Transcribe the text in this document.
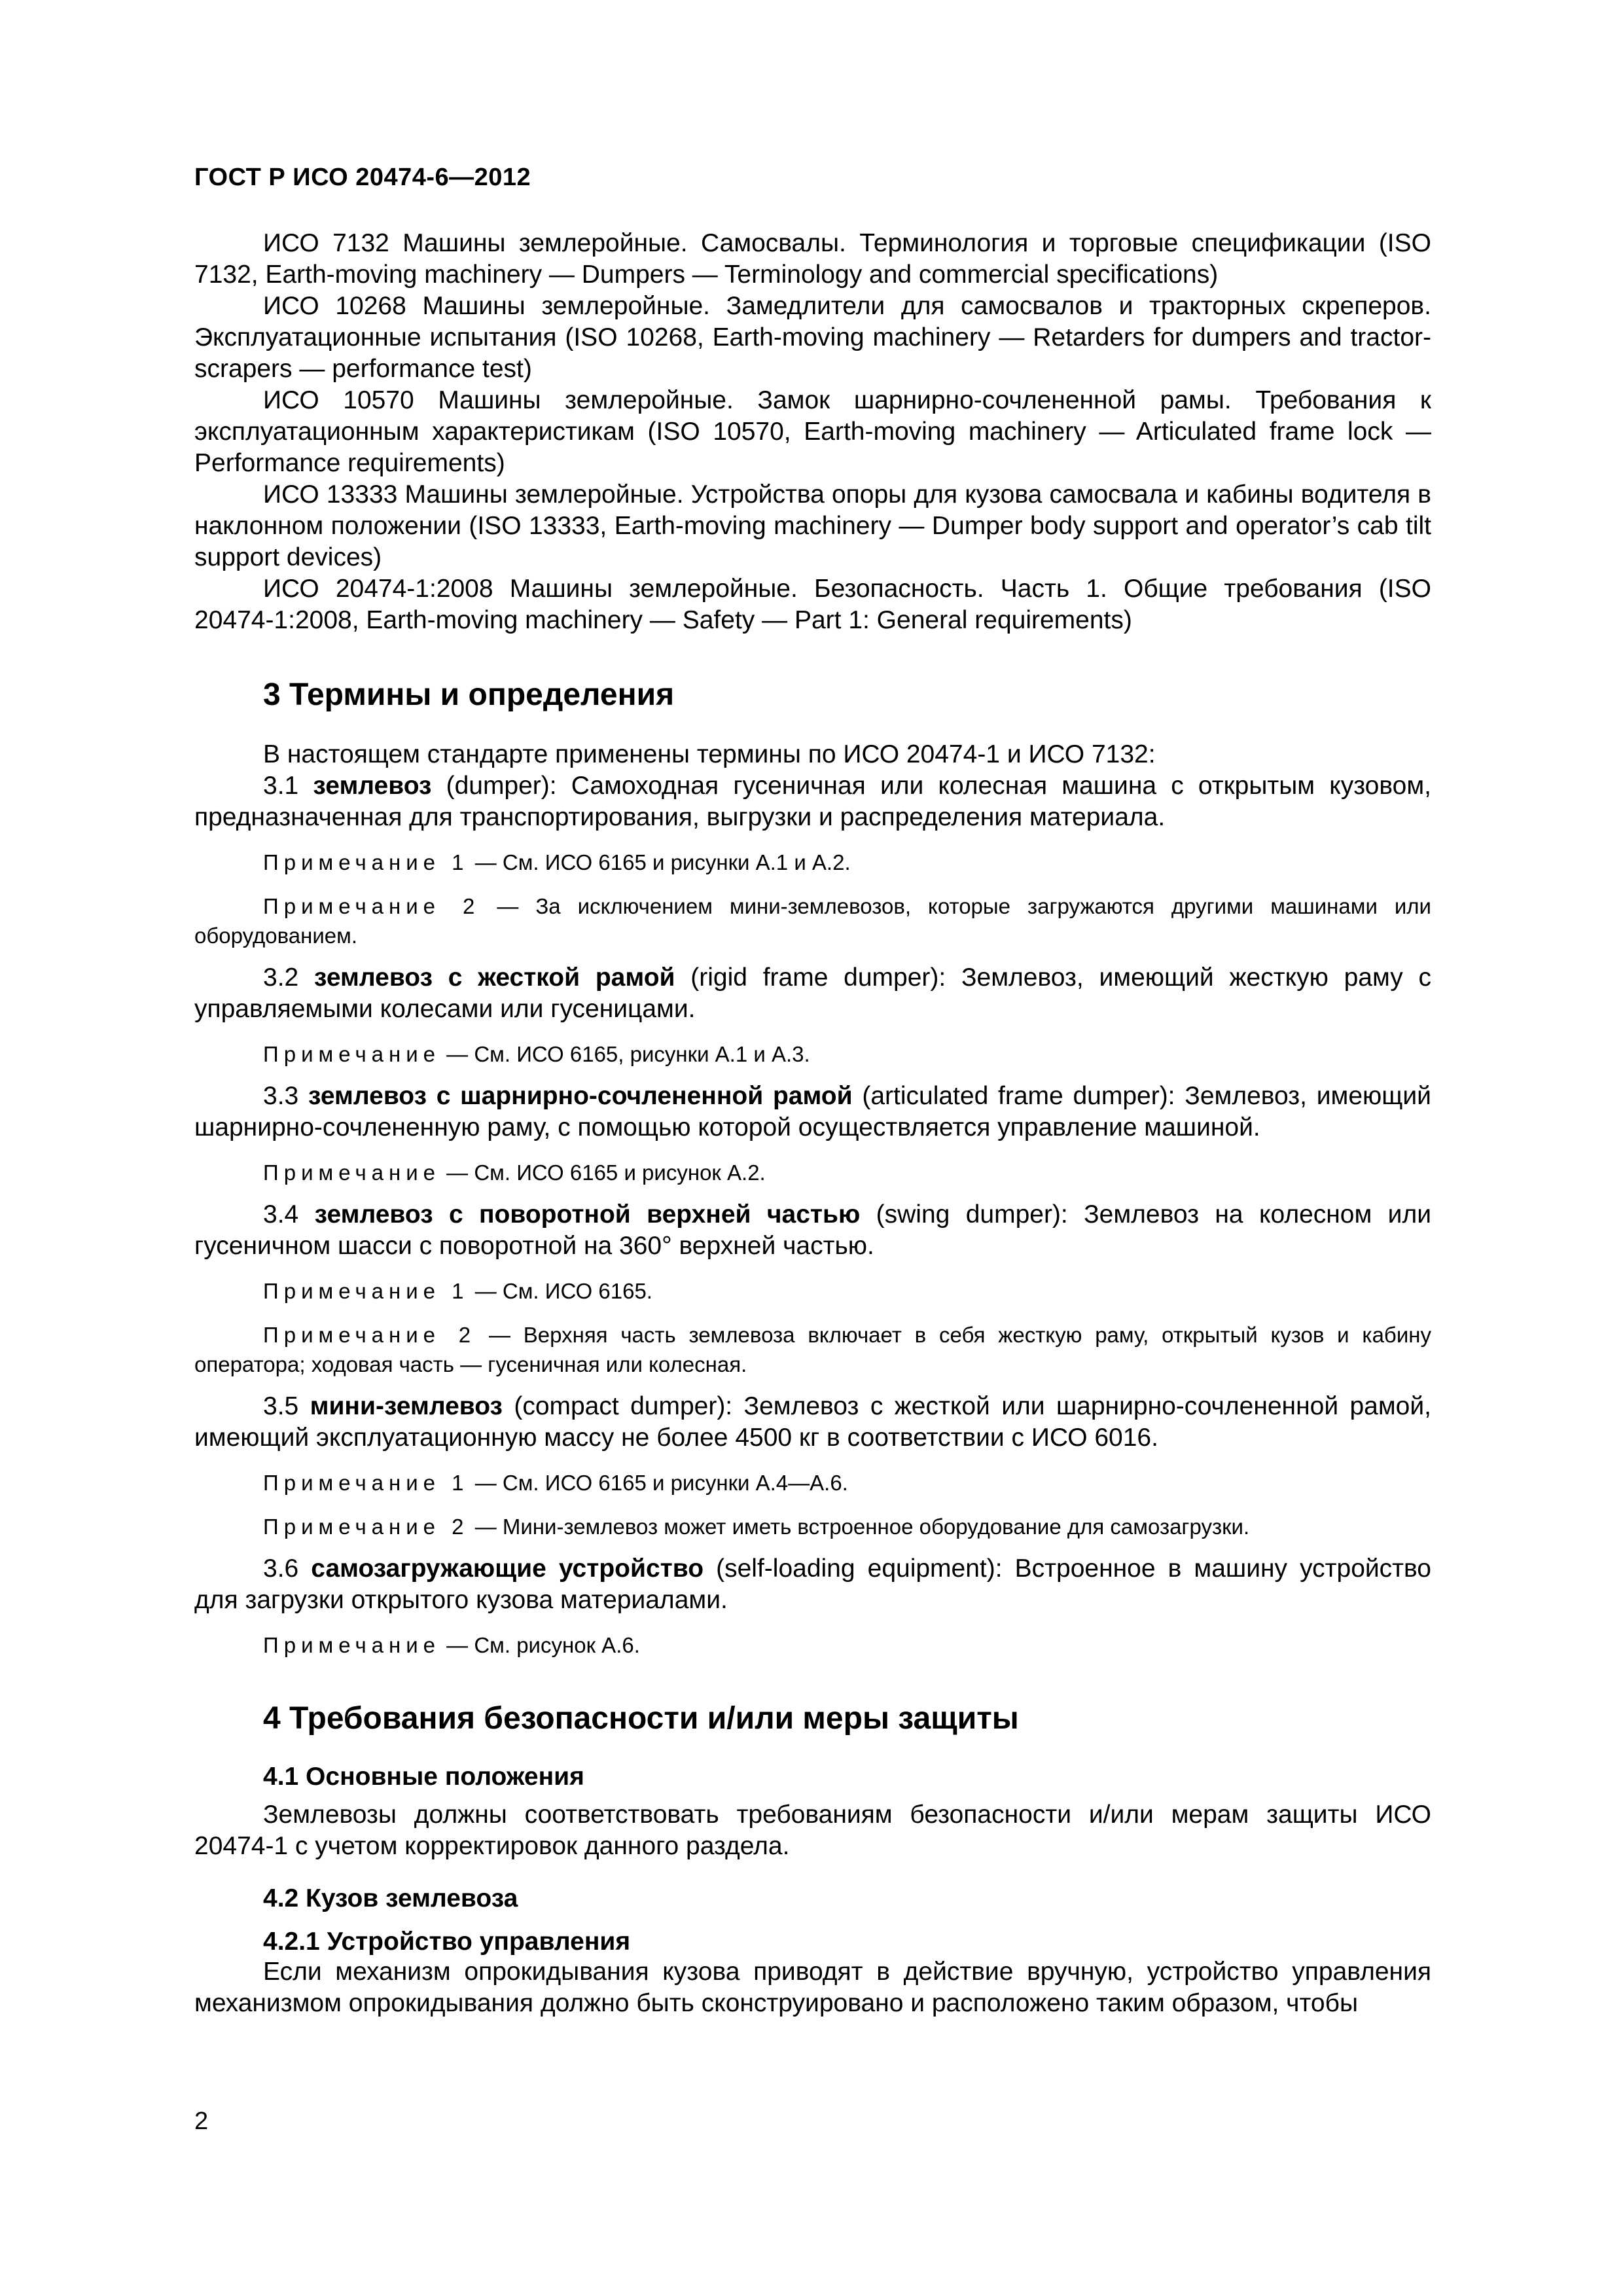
ГОСТ Р ИСО 20474-6—2012

ИСО 7132 Машины землеройные. Самосвалы. Терминология и торговые спецификации (ISO 7132, Earth-moving machinery — Dumpers — Terminology and commercial specifications)

ИСО 10268 Машины землеройные. Замедлители для самосвалов и тракторных скреперов. Эксплуатационные испытания (ISO 10268, Earth-moving machinery — Retarders for dumpers and tractor-scrapers — performance test)

ИСО 10570 Машины землеройные. Замок шарнирно-сочлененной рамы. Требования к эксплуатационным характеристикам (ISO 10570, Earth-moving machinery — Articulated frame lock — Performance requirements)

ИСО 13333 Машины землеройные. Устройства опоры для кузова самосвала и кабины водителя в наклонном положении (ISO 13333, Earth-moving machinery — Dumper body support and operator’s cab tilt support devices)

ИСО 20474-1:2008 Машины землеройные. Безопасность. Часть 1. Общие требования (ISO 20474-1:2008, Earth-moving machinery — Safety — Part 1: General requirements)

3 Термины и определения

В настоящем стандарте применены термины по ИСО 20474-1 и ИСО 7132:

3.1 землевоз (dumper): Самоходная гусеничная или колесная машина с открытым кузовом, предназначенная для транспортирования, выгрузки и распределения материала.

Примечание 1 — См. ИСО 6165 и рисунки А.1 и А.2.

Примечание 2 — За исключением мини-землевозов, которые загружаются другими машинами или оборудованием.

3.2 землевоз с жесткой рамой (rigid frame dumper): Землевоз, имеющий жесткую раму с управляемыми колесами или гусеницами.

Примечание — См. ИСО 6165, рисунки А.1 и А.3.

3.3 землевоз с шарнирно-сочлененной рамой (articulated frame dumper): Землевоз, имеющий шарнирно-сочлененную раму, с помощью которой осуществляется управление машиной.

Примечание — См. ИСО 6165 и рисунок А.2.

3.4 землевоз с поворотной верхней частью (swing dumper): Землевоз на колесном или гусеничном шасси с поворотной на 360° верхней частью.

Примечание 1 — См. ИСО 6165.

Примечание 2 — Верхняя часть землевоза включает в себя жесткую раму, открытый кузов и кабину оператора; ходовая часть — гусеничная или колесная.

3.5 мини-землевоз (compact dumper): Землевоз с жесткой или шарнирно-сочлененной рамой, имеющий эксплуатационную массу не более 4500 кг в соответствии с ИСО 6016.

Примечание 1 — См. ИСО 6165 и рисунки А.4—А.6.

Примечание 2 — Мини-землевоз может иметь встроенное оборудование для самозагрузки.

3.6 самозагружающие устройство (self-loading equipment): Встроенное в машину устройство для загрузки открытого кузова материалами.

Примечание — См. рисунок А.6.

4 Требования безопасности и/или меры защиты
4.1 Основные положения

Землевозы должны соответствовать требованиям безопасности и/или мерам защиты ИСО 20474-1 с учетом корректировок данного раздела.

4.2 Кузов землевоза
4.2.1 Устройство управления

Если механизм опрокидывания кузова приводят в действие вручную, устройство управления механизмом опрокидывания должно быть сконструировано и расположено таким образом, чтобы

2
